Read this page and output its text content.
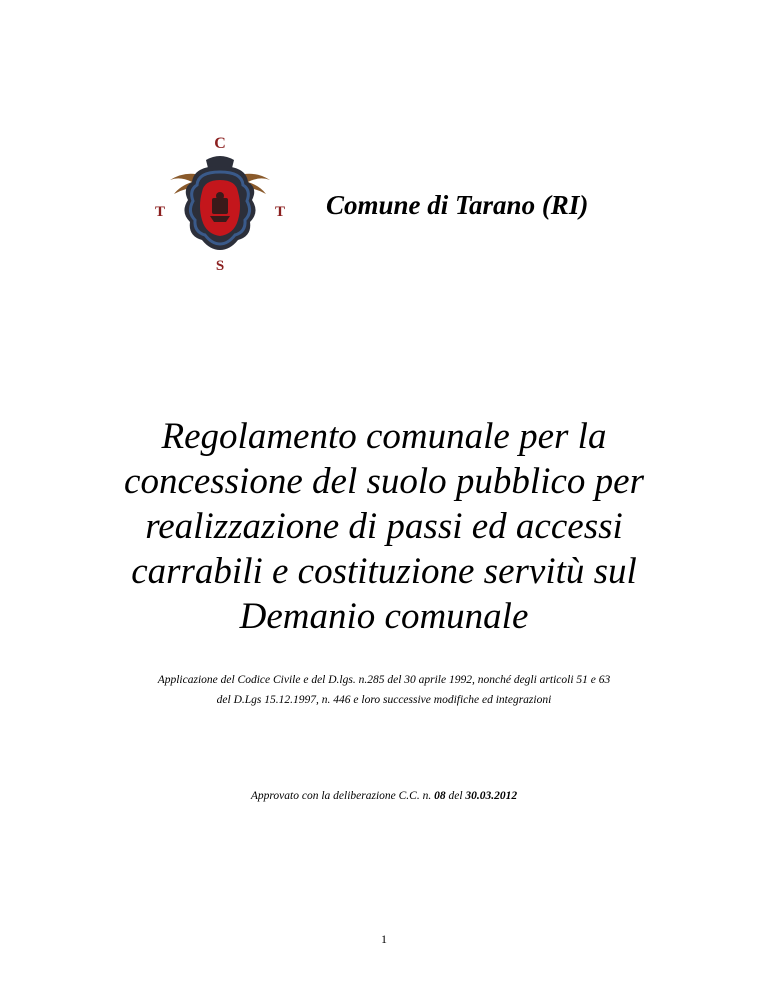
C
T	T
S
Comune di Tarano (RI)
Regolamento comunale per la
concessione del suolo pubblico per
realizzazione di passi ed accessi
carrabili e costituzione servitù sul
Demanio comunale
Applicazione del Codice Civile e del D.lgs. n.285 del 30 aprile 1992, nonché degli articoli 51 e 63
del D.Lgs 15.12.1997, n. 446 e loro successive modifiche ed integrazioni
Approvato con la deliberazione C.C. n. 08 del 30.03.2012
1
